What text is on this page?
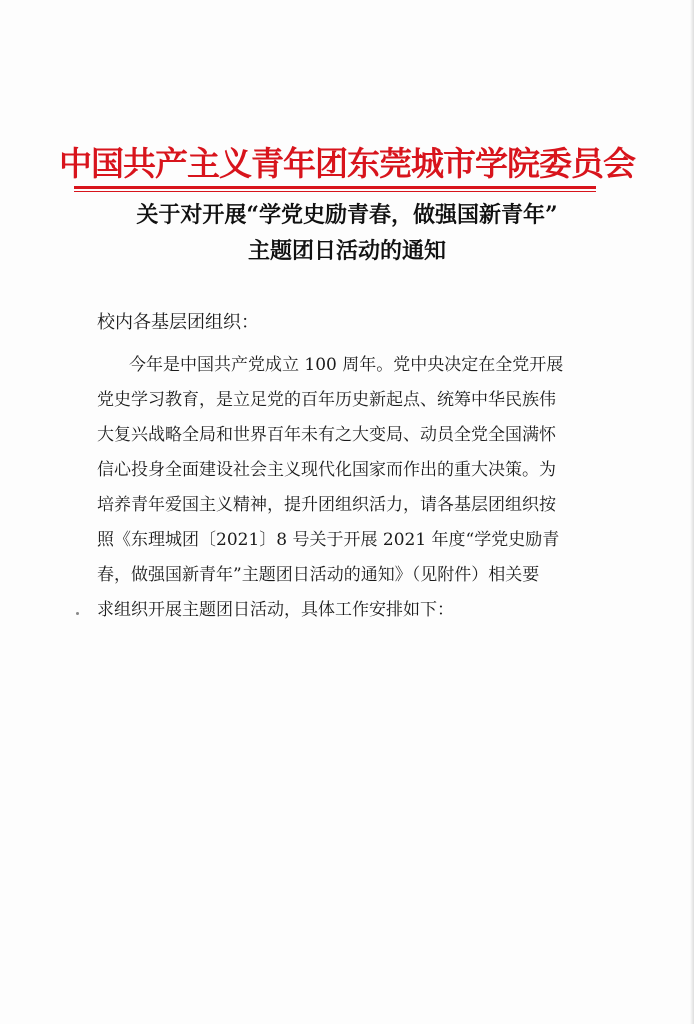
中国共产主义青年团东莞城市学院委员会
关于对开展“学党史励青春，做强国新青年”
主题团日活动的通知
校内各基层团组织：
今年是中国共产党成立 100 周年。党中央决定在全党开展
党史学习教育，是立足党的百年历史新起点、统筹中华民族伟
大复兴战略全局和世界百年未有之大变局、动员全党全国满怀
信心投身全面建设社会主义现代化国家而作出的重大决策。为
培养青年爱国主义精神，提升团组织活力，请各基层团组织按
照《东理城团〔2021〕8 号关于开展 2021 年度“学党史励青
春，做强国新青年”主题团日活动的通知》（见附件）相关要
求组织开展主题团日活动，具体工作安排如下：
